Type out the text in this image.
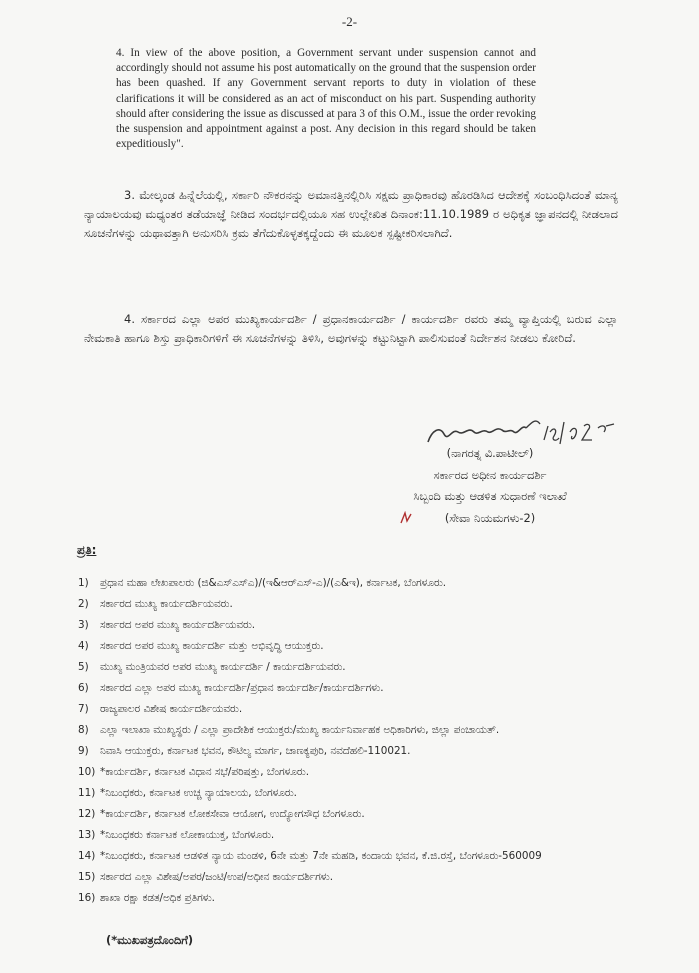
-2-

4. In view of the above position, a Government servant under suspension cannot and accordingly should not assume his post automatically on the ground that the suspension order has been quashed. If any Government servant reports to duty in violation of these clarifications it will be considered as an act of misconduct on his part. Suspending authority should after considering the issue as discussed at para 3 of this O.M., issue the order revoking the suspension and appointment against a post. Any decision in this regard should be taken expeditiously".

3. ಮೇಲ್ಕಂಡ ಹಿನ್ನೆಲೆಯಲ್ಲಿ, ಸರ್ಕಾರಿ ನೌಕರನನ್ನು ಅಮಾನತ್ತಿನಲ್ಲಿರಿಸಿ ಸಕ್ಷಮ ಪ್ರಾಧಿಕಾರವು ಹೊರಡಿಸಿದ ಆದೇಶಕ್ಕೆ ಸಂಬಂಧಿಸಿದಂತೆ ಮಾನ್ಯ ನ್ಯಾಯಾಲಯವು ಮಧ್ಯಂತರ ತಡೆಯಾಜ್ಞೆ ನೀಡಿದ ಸಂದರ್ಭದಲ್ಲಿಯೂ ಸಹ ಉಲ್ಲೇಖಿತ ದಿನಾಂಕ:11.10.1989 ರ ಅಧಿಕೃತ ಜ್ಞಾಪನದಲ್ಲಿ ನೀಡಲಾದ ಸೂಚನೆಗಳನ್ನು ಯಥಾವತ್ತಾಗಿ ಅನುಸರಿಸಿ ಕ್ರಮ ತೆಗೆದುಕೊಳ್ಳತಕ್ಕದ್ದೆಂದು ಈ ಮೂಲಕ ಸ್ಪಷ್ಟೀಕರಿಸಲಾಗಿದೆ.

4. ಸರ್ಕಾರದ ಎಲ್ಲಾ ಅಪರ ಮುಖ್ಯಕಾರ್ಯದರ್ಶಿ / ಪ್ರಧಾನಕಾರ್ಯದರ್ಶಿ / ಕಾರ್ಯದರ್ಶಿ ರವರು ತಮ್ಮ ವ್ಯಾಪ್ತಿಯಲ್ಲಿ ಬರುವ ಎಲ್ಲಾ ನೇಮಕಾತಿ ಹಾಗೂ ಶಿಸ್ತು ಪ್ರಾಧಿಕಾರಿಗಳಿಗೆ ಈ ಸೂಚನೆಗಳನ್ನು ತಿಳಿಸಿ, ಅವುಗಳನ್ನು ಕಟ್ಟುನಿಟ್ಟಾಗಿ ಪಾಲಿಸುವಂತೆ ನಿರ್ದೇಶನ ನೀಡಲು ಕೋರಿದೆ.

(ನಾಗರತ್ನ ವಿ.ಪಾಟೀಲ್)
ಸರ್ಕಾರದ ಅಧೀನ ಕಾರ್ಯದರ್ಶಿ
ಸಿಬ್ಬಂದಿ ಮತ್ತು ಆಡಳಿತ ಸುಧಾರಣೆ ಇಲಾಖೆ
(ಸೇವಾ ನಿಯಮಗಳು-2)
ಪ್ರತಿ:
1)	ಪ್ರಧಾನ ಮಹಾ ಲೇಖಪಾಲರು (ಜಿ&ಎಸ್‌ಎಸ್‌ಎ)/(ಇ&ಆರ್‌ಎಸ್-ಎ)/(ಎ&ಇ), ಕರ್ನಾಟಕ, ಬೆಂಗಳೂರು.
2)	ಸರ್ಕಾರದ ಮುಖ್ಯ ಕಾರ್ಯದರ್ಶಿಯವರು.
3)	ಸರ್ಕಾರದ ಅಪರ ಮುಖ್ಯ ಕಾರ್ಯದರ್ಶಿಯವರು.
4)	ಸರ್ಕಾರದ ಅಪರ ಮುಖ್ಯ ಕಾರ್ಯದರ್ಶಿ ಮತ್ತು ಅಭಿವೃದ್ಧಿ ಆಯುಕ್ತರು.
5)	ಮುಖ್ಯ ಮಂತ್ರಿಯವರ ಅಪರ ಮುಖ್ಯ ಕಾರ್ಯದರ್ಶಿ / ಕಾರ್ಯದರ್ಶಿಯವರು.
6)	ಸರ್ಕಾರದ ಎಲ್ಲಾ ಅಪರ ಮುಖ್ಯ ಕಾರ್ಯದರ್ಶಿ/ಪ್ರಧಾನ ಕಾರ್ಯದರ್ಶಿ/ಕಾರ್ಯದರ್ಶಿಗಳು.
7)	ರಾಜ್ಯಪಾಲರ ವಿಶೇಷ ಕಾರ್ಯದರ್ಶಿಯವರು.
8)	ಎಲ್ಲಾ ಇಲಾಖಾ ಮುಖ್ಯಸ್ಥರು / ಎಲ್ಲಾ ಪ್ರಾದೇಶಿಕ ಆಯುಕ್ತರು/ಮುಖ್ಯ ಕಾರ್ಯನಿರ್ವಾಹಕ ಅಧಿಕಾರಿಗಳು, ಜಿಲ್ಲಾ ಪಂಚಾಯತ್.
9)	ನಿವಾಸಿ ಆಯುಕ್ತರು, ಕರ್ನಾಟಕ ಭವನ, ಕೌಟಿಲ್ಯ ಮಾರ್ಗ, ಚಾಣಕ್ಯಪುರಿ, ನವದೆಹಲಿ-110021.
10) *ಕಾರ್ಯದರ್ಶಿ, ಕರ್ನಾಟಕ ವಿಧಾನ ಸಭೆ/ಪರಿಷತ್ತು, ಬೆಂಗಳೂರು.
11) *ನಿಬಂಧಕರು, ಕರ್ನಾಟಕ ಉಚ್ಚ ನ್ಯಾಯಾಲಯ, ಬೆಂಗಳೂರು.
12) *ಕಾರ್ಯದರ್ಶಿ, ಕರ್ನಾಟಕ ಲೋಕಸೇವಾ ಆಯೋಗ, ಉದ್ಯೋಗಸೌಧ ಬೆಂಗಳೂರು.
13) *ನಿಬಂಧಕರು ಕರ್ನಾಟಕ ಲೋಕಾಯುಕ್ತ, ಬೆಂಗಳೂರು.
14) *ನಿಬಂಧಕರು, ಕರ್ನಾಟಕ ಆಡಳಿತ ನ್ಯಾಯ ಮಂಡಳಿ, 6ನೇ ಮತ್ತು 7ನೇ ಮಹಡಿ, ಕಂದಾಯ ಭವನ, ಕೆ.ಜಿ.ರಸ್ತೆ, ಬೆಂಗಳೂರು-560009
15) ಸರ್ಕಾರದ ಎಲ್ಲಾ ವಿಶೇಷ/ಅಪರ/ಜಂಟಿ/ಉಪ/ಅಧೀನ ಕಾರ್ಯದರ್ಶಿಗಳು.
16) ಶಾಖಾ ರಕ್ಷಾ ಕಡತ/ಅಧಿಕ ಪ್ರತಿಗಳು.
(*ಮುಖಪತ್ರದೊಂದಿಗೆ)
